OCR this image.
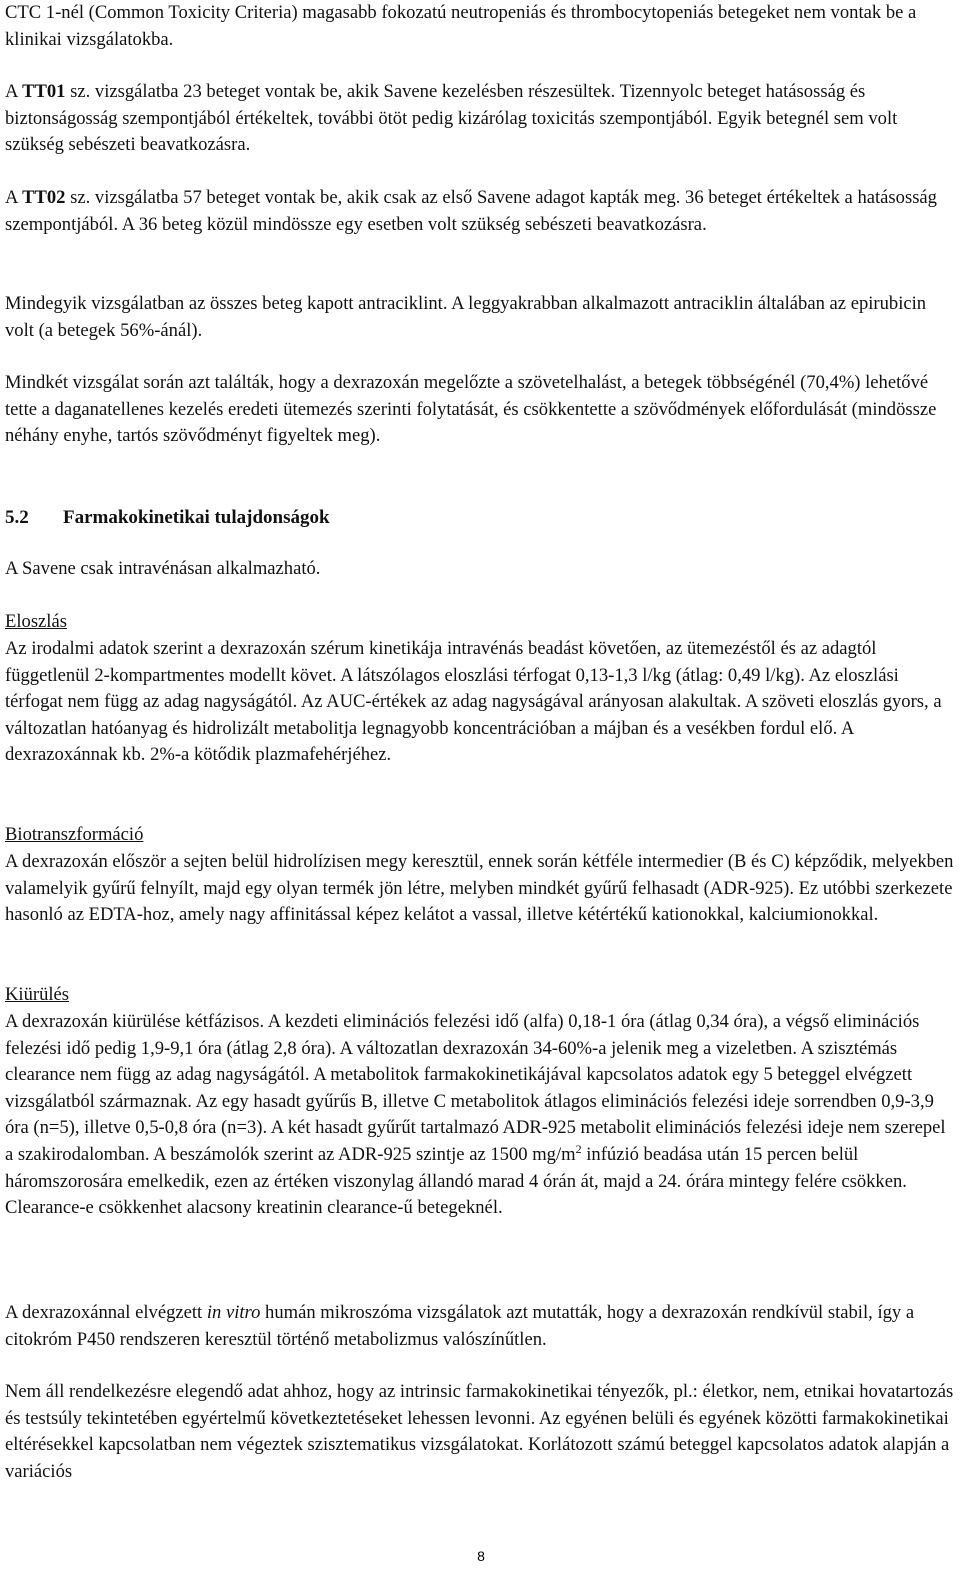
CTC 1-nél (Common Toxicity Criteria) magasabb fokozatú neutropeniás és thrombocytopeniás betegeket nem vontak be a klinikai vizsgálatokba.

A TT01 sz. vizsgálatba 23 beteget vontak be, akik Savene kezelésben részesültek. Tizennyolc beteget hatásosság és biztonságosság szempontjából értékeltek, további ötöt pedig kizárólag toxicitás szempontjából. Egyik betegnél sem volt szükség sebészeti beavatkozásra.

A TT02 sz. vizsgálatba 57 beteget vontak be, akik csak az első Savene adagot kapták meg. 36 beteget értékeltek a hatásosság szempontjából. A 36 beteg közül mindössze egy esetben volt szükség sebészeti beavatkozásra.

Mindegyik vizsgálatban az összes beteg kapott antraciklint. A leggyakrabban alkalmazott antraciklin általában az epirubicin volt (a betegek 56%-ánál).

Mindkét vizsgálat során azt találták, hogy a dexrazoxán megelőzte a szövetelhalást, a betegek többségénél (70,4%) lehetővé tette a daganatellenes kezelés eredeti ütemezés szerinti folytatását, és csökkentette a szövődmények előfordulását (mindössze néhány enyhe, tartós szövődményt figyeltek meg).

5.2 Farmakokinetikai tulajdonságok

A Savene csak intravénásan alkalmazható.

Eloszlás

Az irodalmi adatok szerint a dexrazoxán szérum kinetikája intravénás beadást követően, az ütemezéstől és az adagtól függetlenül 2-kompartmentes modellt követ. A látszólagos eloszlási térfogat 0,13-1,3 l/kg (átlag: 0,49 l/kg). Az eloszlási térfogat nem függ az adag nagyságától. Az AUC-értékek az adag nagyságával arányosan alakultak. A szöveti eloszlás gyors, a változatlan hatóanyag és hidrolizált metabolitja legnagyobb koncentrációban a májban és a vesékben fordul elő. A dexrazoxánnak kb. 2%-a kötődik plazmafehérjéhez.

Biotranszformáció

A dexrazoxán először a sejten belül hidrolízisen megy keresztül, ennek során kétféle intermedier (B és C) képződik, melyekben valamelyik gyűrű felnyílt, majd egy olyan termék jön létre, melyben mindkét gyűrű felhasadt (ADR-925). Ez utóbbi szerkezete hasonló az EDTA-hoz, amely nagy affinitással képez kelátot a vassal, illetve kétértékű kationokkal, kalciumionokkal.

Kiürülés

A dexrazoxán kiürülése kétfázisos. A kezdeti eliminációs felezési idő (alfa) 0,18-1 óra (átlag 0,34 óra), a végső eliminációs felezési idő pedig 1,9-9,1 óra (átlag 2,8 óra). A változatlan dexrazoxán 34-60%-a jelenik meg a vizeletben. A szisztémás clearance nem függ az adag nagyságától. A metabolitok farmakokinetikájával kapcsolatos adatok egy 5 beteggel elvégzett vizsgálatból származnak. Az egy hasadt gyűrűs B, illetve C metabolitok átlagos eliminációs felezési ideje sorrendben 0,9-3,9 óra (n=5), illetve 0,5-0,8 óra (n=3). A két hasadt gyűrűt tartalmazó ADR-925 metabolit eliminációs felezési ideje nem szerepel a szakirodalomban. A beszámolók szerint az ADR-925 szintje az 1500 $mg/m^2$ infúzió beadása után 15 percen belül háromszorosára emelkedik, ezen az értéken viszonylag állandó marad 4 órán át, majd a 24. órára mintegy felére csökken. Clearance-e csökkenhet alacsony kreatinin clearance-ű betegeknél.

A dexrazoxánnal elvégzett in vitro humán mikroszóma vizsgálatok azt mutatták, hogy a dexrazoxán rendkívül stabil, így a citokróm P450 rendszeren keresztül történő metabolizmus valószínűtlen.

Nem áll rendelkezésre elegendő adat ahhoz, hogy az intrinsic farmakokinetikai tényezők, pl.: életkor, nem, etnikai hovatartozás és testsúly tekintetében egyértelmű következtetéseket lehessen levonni. Az egyénen belüli és egyének közötti farmakokinetikai eltérésekkel kapcsolatban nem végeztek szisztematikus vizsgálatokat. Korlátozott számú beteggel kapcsolatos adatok alapján a variációs

8
